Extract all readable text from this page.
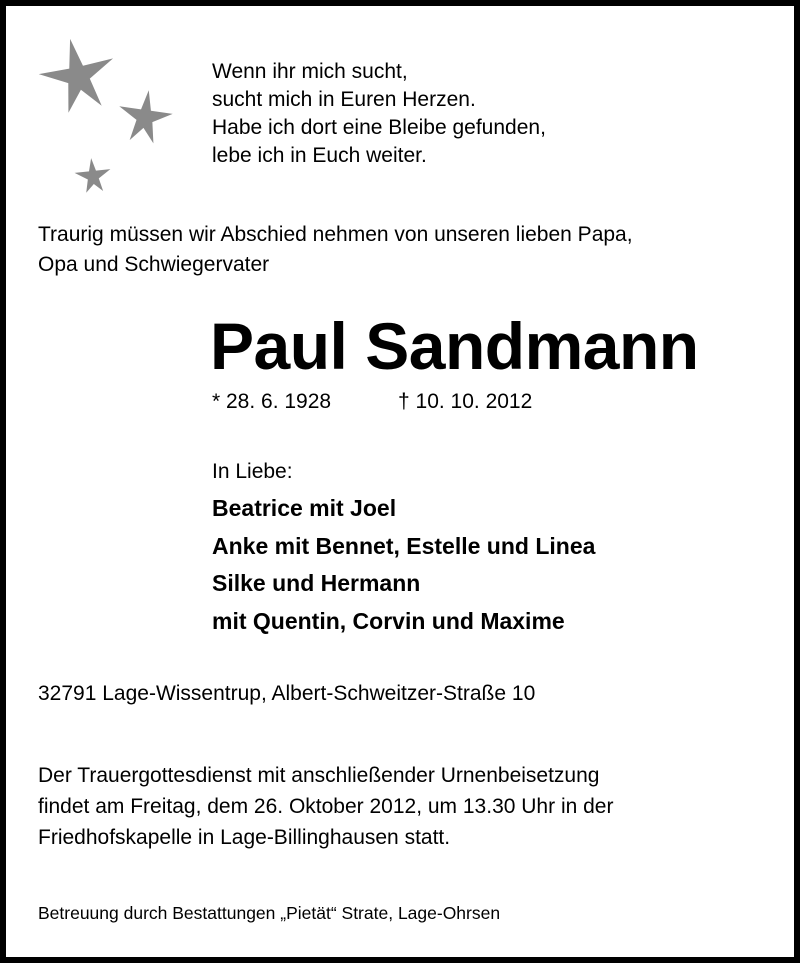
Wenn ihr mich sucht,
sucht mich in Euren Herzen.
Habe ich dort eine Bleibe gefunden,
lebe ich in Euch weiter.
Traurig müssen wir Abschied nehmen von unseren lieben Papa,
Opa und Schwiegervater
Paul Sandmann
* 28. 6. 1928	† 10. 10. 2012
In Liebe:
Beatrice mit Joel
Anke mit Bennet, Estelle und Linea
Silke und Hermann
mit Quentin, Corvin und Maxime
32791 Lage-Wissentrup, Albert-Schweitzer-Straße 10
Der Trauergottesdienst mit anschließender Urnenbeisetzung
findet am Freitag, dem 26. Oktober 2012, um 13.30 Uhr in der
Friedhofskapelle in Lage-Billinghausen statt.
Betreuung durch Bestattungen „Pietät“ Strate, Lage-Ohrsen
